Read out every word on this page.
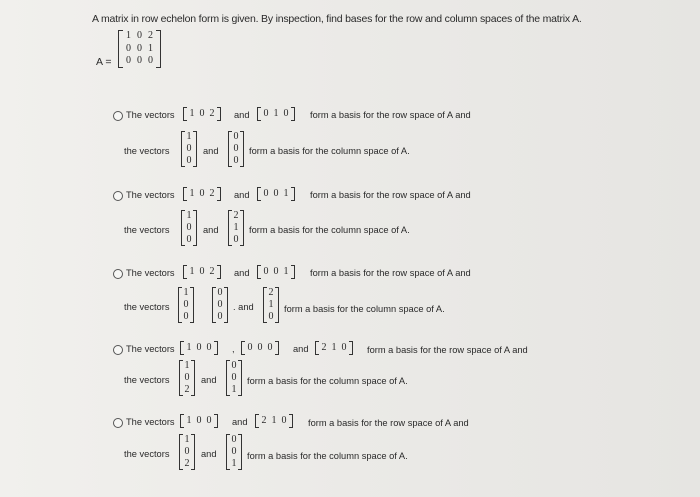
A matrix in row echelon form is given. By inspection, find bases for the row and column spaces of the matrix A.
A =
1 0 2
0 0 1
0 0 0
The vectors	1 0 2	and	0 1 0	form a basis for the row space of A and
the vectors
1
0
0
and
0
0
0
form a basis for the column space of A.
The vectors	1 0 2	and	0 0 1	form a basis for the row space of A and
the vectors
1
0
0
and
2
1
0
form a basis for the column space of A.
The vectors	1 0 2	and	0 0 1	form a basis for the row space of A and
the vectors
1
0
0
0
0
0
. and
2
1
0
form a basis for the column space of A.
The vectors	1 0 0	,	0 0 0	and	2 1 0	form a basis for the row space of A and
the vectors
1
0
2
and
0
0
1
form a basis for the column space of A.
The vectors	1 0 0	and	2 1 0	form a basis for the row space of A and
the vectors
1
0
2
and
0
0
1
form a basis for the column space of A.
